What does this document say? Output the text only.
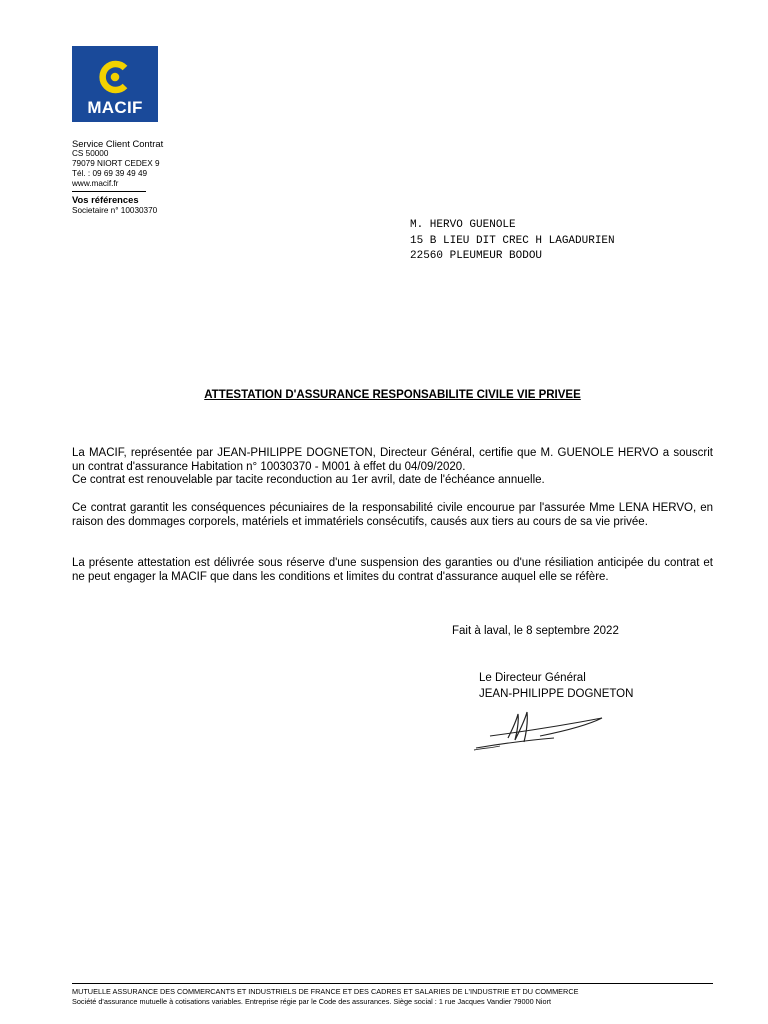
MACIF
Service Client Contrat
CS 50000
79079 NIORT CEDEX 9
Tél. : 09 69 39 49 49
www.macif.fr
Vos références
Societaire n° 10030370
M. HERVO GUENOLE
15 B LIEU DIT CREC H LAGADURIEN
22560 PLEUMEUR BODOU
ATTESTATION D'ASSURANCE RESPONSABILITE CIVILE VIE PRIVEE
La MACIF, représentée par JEAN-PHILIPPE DOGNETON, Directeur Général, certifie que M. GUENOLE HERVO a souscrit un contrat d'assurance Habitation n° 10030370 - M001 à effet du 04/09/2020.
Ce contrat est renouvelable par tacite reconduction au 1er avril, date de l'échéance annuelle.
Ce contrat garantit les conséquences pécuniaires de la responsabilité civile encourue par l'assurée Mme LENA HERVO, en raison des dommages corporels, matériels et immatériels consécutifs, causés aux tiers au cours de sa vie privée.
La présente attestation est délivrée sous réserve d'une suspension des garanties ou d'une résiliation anticipée du contrat et ne peut engager la MACIF que dans les conditions et limites du contrat d'assurance auquel elle se réfère.
Fait à laval, le 8 septembre 2022
Le Directeur Général
JEAN-PHILIPPE DOGNETON
MUTUELLE ASSURANCE DES COMMERCANTS ET INDUSTRIELS DE FRANCE ET DES CADRES ET SALARIES DE L'INDUSTRIE ET DU COMMERCE
Société d'assurance mutuelle à cotisations variables. Entreprise régie par le Code des assurances. Siège social : 1 rue Jacques Vandier 79000 Niort
